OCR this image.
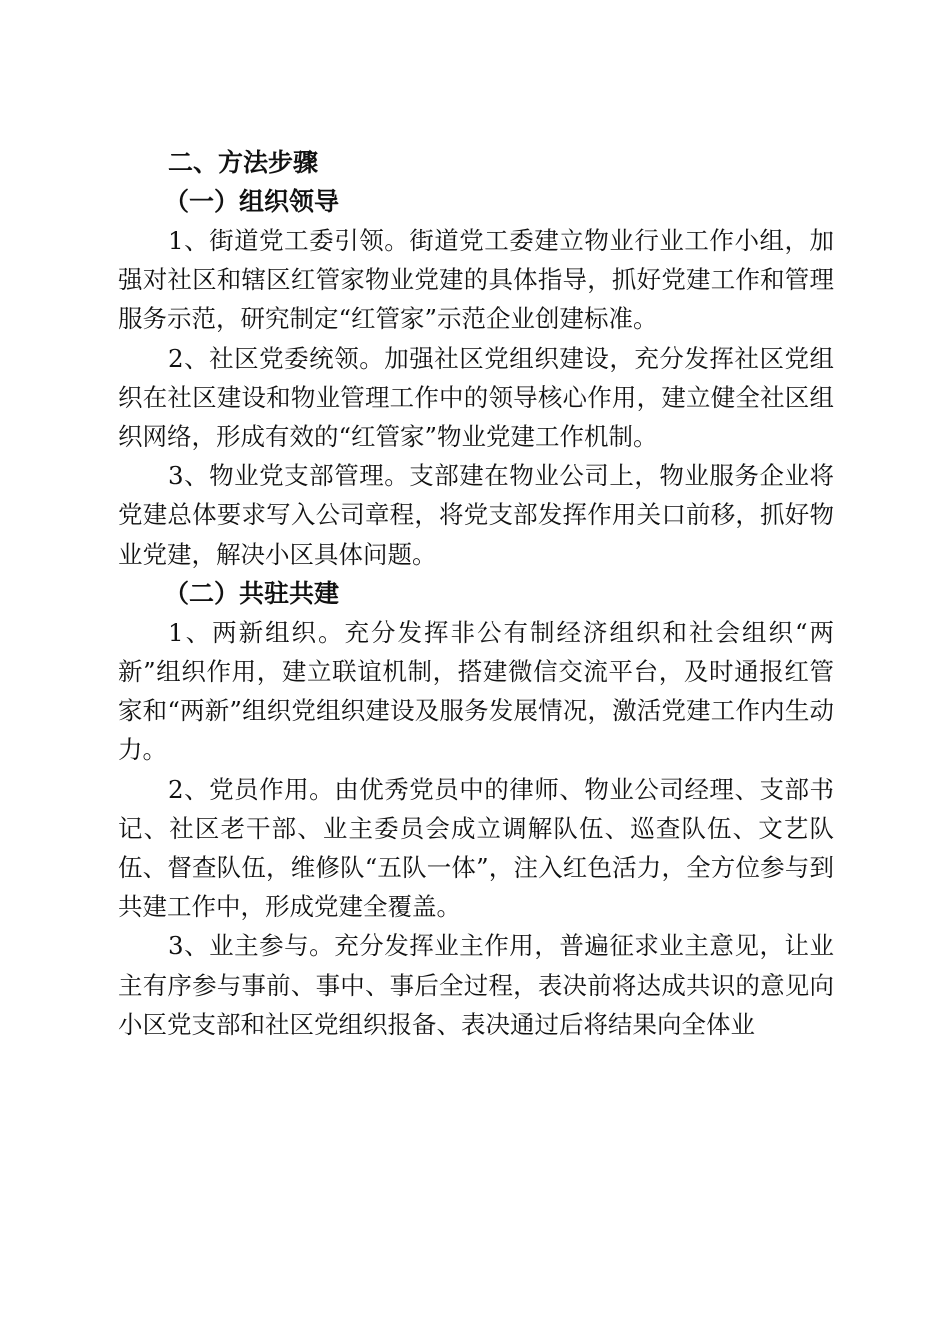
二、方法步骤

（一）组织领导

1、街道党工委引领。街道党工委建立物业行业工作小组，加强对社区和辖区红管家物业党建的具体指导，抓好党建工作和管理服务示范，研究制定“红管家”示范企业创建标准。

2、社区党委统领。加强社区党组织建设，充分发挥社区党组织在社区建设和物业管理工作中的领导核心作用，建立健全社区组织网络，形成有效的“红管家”物业党建工作机制。

3、物业党支部管理。支部建在物业公司上，物业服务企业将党建总体要求写入公司章程，将党支部发挥作用关口前移，抓好物业党建，解决小区具体问题。

（二）共驻共建

1、两新组织。充分发挥非公有制经济组织和社会组织“两新”组织作用，建立联谊机制，搭建微信交流平台，及时通报红管家和“两新”组织党组织建设及服务发展情况，激活党建工作内生动力。

2、党员作用。由优秀党员中的律师、物业公司经理、支部书记、社区老干部、业主委员会成立调解队伍、巡查队伍、文艺队伍、督查队伍，维修队“五队一体”，注入红色活力，全方位参与到共建工作中，形成党建全覆盖。

3、业主参与。充分发挥业主作用，普遍征求业主意见，让业主有序参与事前、事中、事后全过程，表决前将达成共识的意见向小区党支部和社区党组织报备、表决通过后将结果向全体业
